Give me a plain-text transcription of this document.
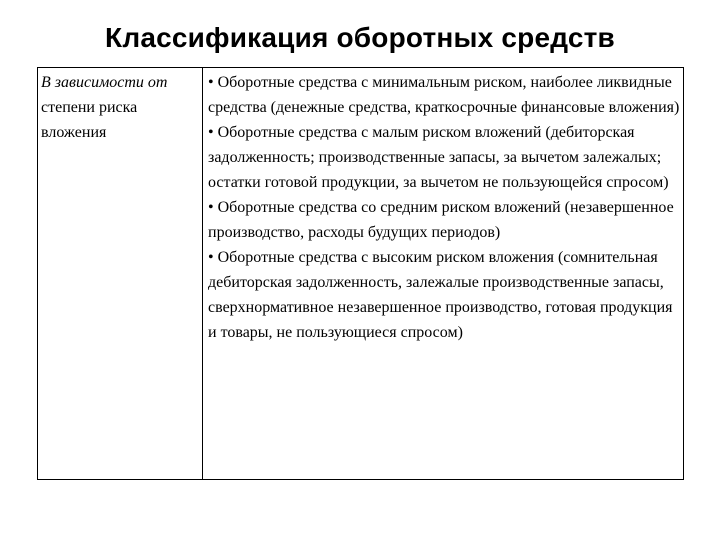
Классификация оборотных средств
В зависимости от степени риска вложения
• Оборотные средства с минимальным риском, наиболее ликвидные средства (денежные средства, краткосрочные финансовые вложения)
• Оборотные средства с малым риском вложений (дебиторская задолженность; производственные запасы, за вычетом залежалых; остатки готовой продукции, за вычетом не пользующейся спросом)
• Оборотные средства со средним риском вложений (незавершенное производство, расходы будущих периодов)
• Оборотные средства с высоким риском вложения (сомнительная дебиторская задолженность, залежалые производственные запасы, сверхнормативное незавершенное производство, готовая продукция и товары, не пользующиеся спросом)
